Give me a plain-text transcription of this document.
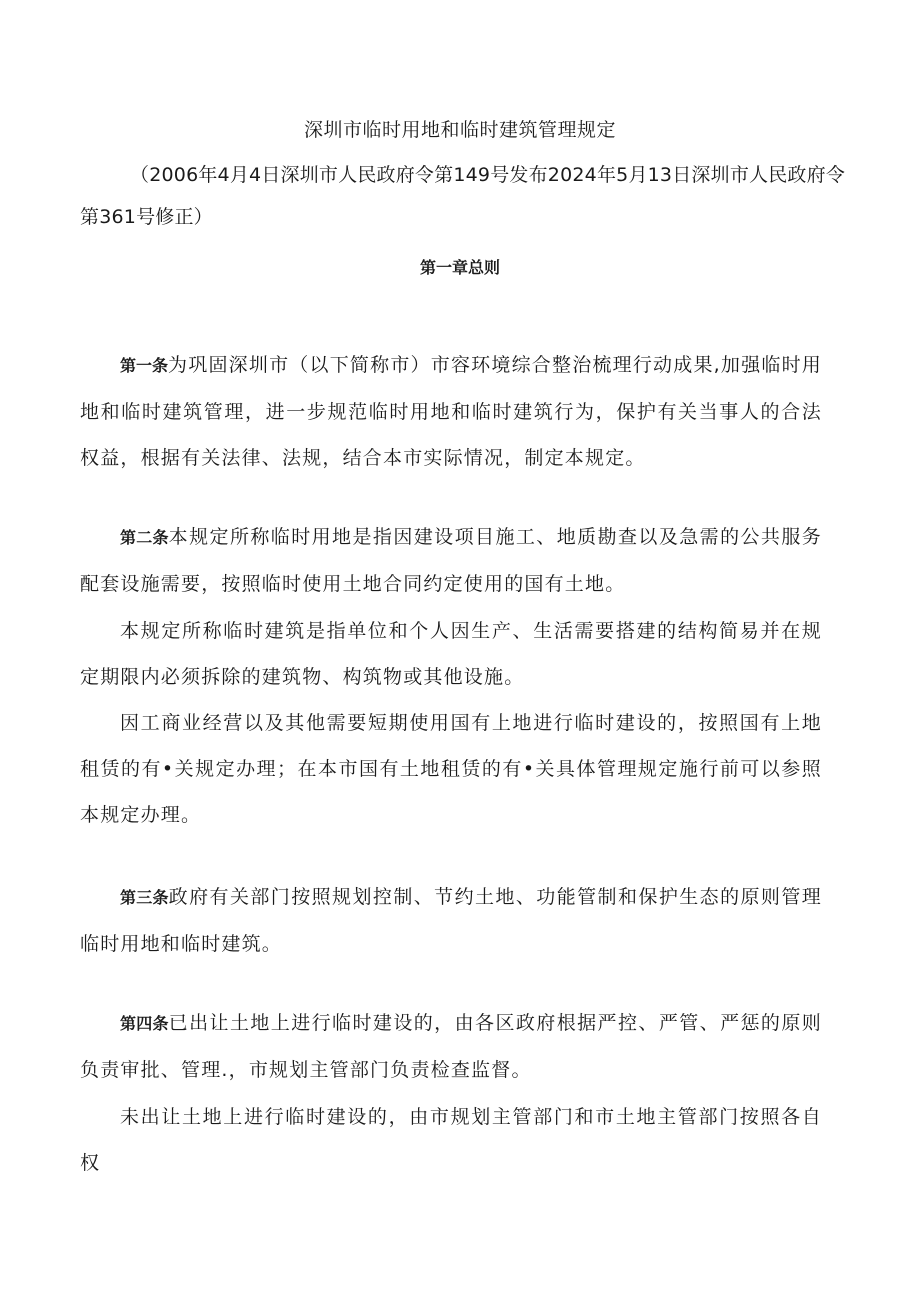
深圳市临时用地和临时建筑管理规定
（2006年4月4日深圳市人民政府令第149号发布2024年5月13日深圳市人民政府令
第361号修正）
第一章总则
第一条为巩固深圳市（以下简称市）市容环境综合整治梳理行动成果,加强临时用地和临时建筑管理，进一步规范临时用地和临时建筑行为，保护有关当事人的合法权益，根据有关法律、法规，结合本市实际情况，制定本规定。
第二条本规定所称临时用地是指因建设项目施工、地质勘查以及急需的公共服务配套设施需要，按照临时使用土地合同约定使用的国有土地。
本规定所称临时建筑是指单位和个人因生产、生活需要搭建的结构简易并在规定期限内必须拆除的建筑物、构筑物或其他设施。
因工商业经营以及其他需要短期使用国有上地进行临时建设的，按照国有上地租赁的有•关规定办理；在本市国有土地租赁的有•关具体管理规定施行前可以参照本规定办理。
第三条政府有关部门按照规划控制、节约土地、功能管制和保护生态的原则管理临时用地和临时建筑。
第四条已出让土地上进行临时建设的，由各区政府根据严控、严管、严惩的原则负责审批、管理.，市规划主管部门负责检查监督。
未出让土地上进行临时建设的，由市规划主管部门和市土地主管部门按照各自权
